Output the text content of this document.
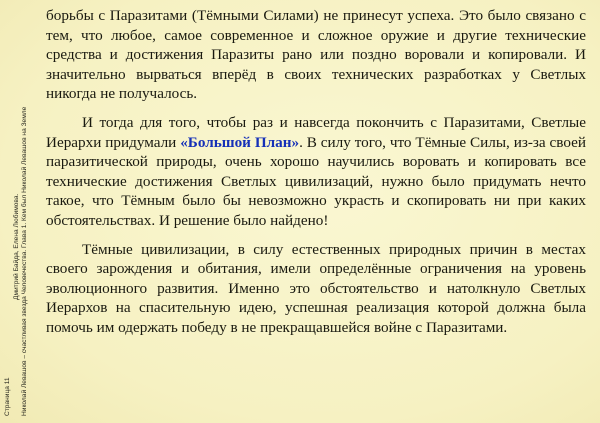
Страница 11
Дмитрий Байда, Елена Любимова. Николай Левашов – счастливая звезда Человечества. Глава 1. Кем был Николай Левашов на Земле

борьбы с Паразитами (Тёмными Силами) не принесут успеха. Это было связано с тем, что любое, самое современное и сложное оружие и другие технические средства и достижения Паразиты рано или поздно воровали и копировали. И значительно вырваться вперёд в своих технических разработках у Светлых никогда не получалось.

И тогда для того, чтобы раз и навсегда покончить с Паразитами, Светлые Иерархи придумали «Большой План». В силу того, что Тёмные Силы, из-за своей паразитической природы, очень хорошо научились воровать и копировать все технические достижения Светлых цивилизаций, нужно было придумать нечто такое, что Тёмным было бы невозможно украсть и скопировать ни при каких обстоятельствах. И решение было найдено!

Тёмные цивилизации, в силу естественных природных причин в местах своего зарождения и обитания, имели определённые ограничения на уровень эволюционного развития. Именно это обстоятельство и натолкнуло Светлых Иерархов на спасительную идею, успешная реализация которой должна была помочь им одержать победу в не прекращавшейся войне с Паразитами.
